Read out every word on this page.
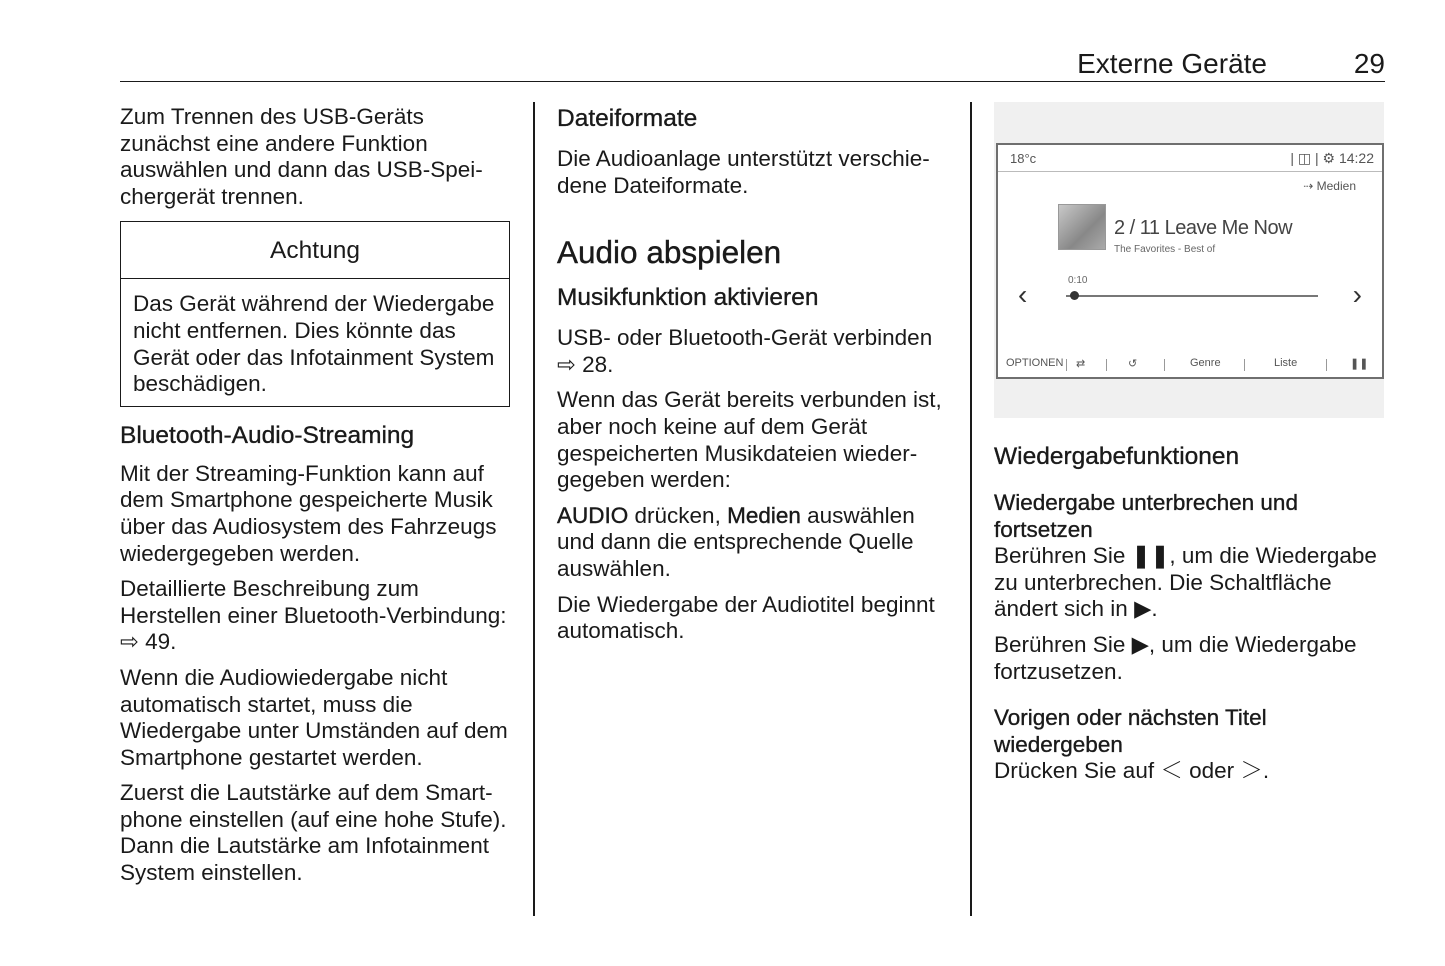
Externe Geräte	29

Zum Trennen des USB-Geräts zunächst eine andere Funktion auswählen und dann das USB-Speichergerät trennen.

Achtung

Das Gerät während der Wiedergabe nicht entfernen. Dies könnte das Gerät oder das Infotainment System beschädigen.

Bluetooth-Audio-Streaming

Mit der Streaming-Funktion kann auf dem Smartphone gespeicherte Musik über das Audiosystem des Fahrzeugs wiedergegeben werden.

Detaillierte Beschreibung zum Herstellen einer Bluetooth-Verbindung: ⇨ 49.

Wenn die Audiowiedergabe nicht automatisch startet, muss die Wiedergabe unter Umständen auf dem Smartphone gestartet werden.

Zuerst die Lautstärke auf dem Smartphone einstellen (auf eine hohe Stufe). Dann die Lautstärke am Infotainment System einstellen.

Dateiformate

Die Audioanlage unterstützt verschiedene Dateiformate.

Audio abspielen
Musikfunktion aktivieren

USB- oder Bluetooth-Gerät verbinden ⇨ 28.

Wenn das Gerät bereits verbunden ist, aber noch keine auf dem Gerät gespeicherten Musikdateien wiedergegeben werden:

AUDIO drücken, Medien auswählen und dann die entsprechende Quelle auswählen.

Die Wiedergabe der Audiotitel beginnt automatisch.

18°c	| ◫ | ⚙ 14:22
⇢ Medien
2 / 11 Leave Me Now
The Favorites - Best of
0:10
‹	›
OPTIONEN ⇄	↺	Genre	Liste	❚❚
Wiedergabefunktionen
Wiedergabe unterbrechen und fortsetzen

Berühren Sie ❚❚, um die Wiedergabe zu unterbrechen. Die Schaltfläche ändert sich in ▶.

Berühren Sie ▶, um die Wiedergabe fortzusetzen.

Vorigen oder nächsten Titel wiedergeben

Drücken Sie auf ＜ oder ＞.
